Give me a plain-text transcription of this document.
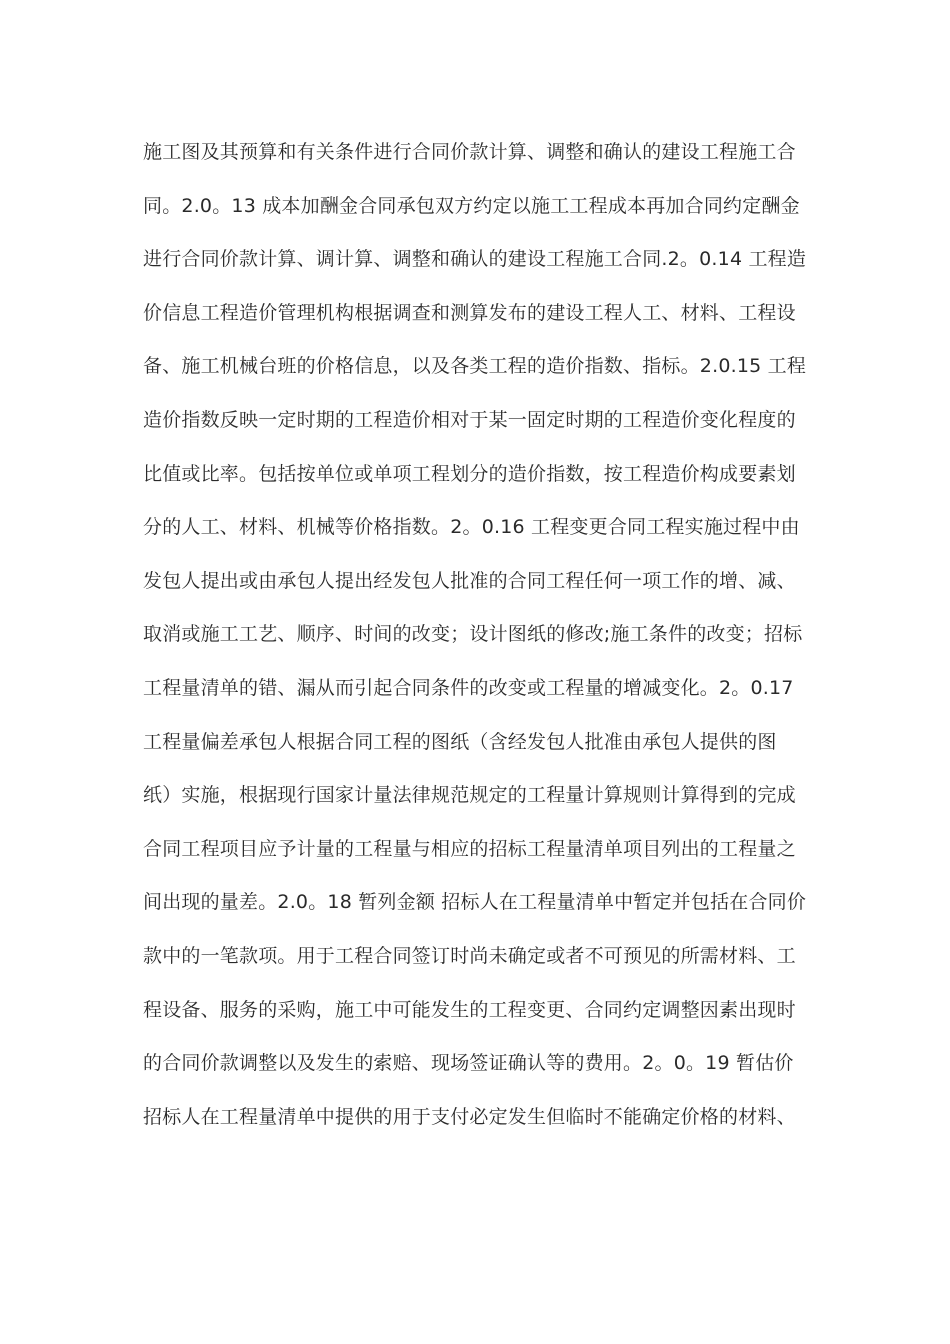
施工图及其预算和有关条件进行合同价款计算、调整和确认的建设工程施工合
同。2.0。13 成本加酬金合同承包双方约定以施工工程成本再加合同约定酬金
进行合同价款计算、调计算、调整和确认的建设工程施工合同.2。0.14 工程造
价信息工程造价管理机构根据调查和测算发布的建设工程人工、材料、工程设
备、施工机械台班的价格信息，以及各类工程的造价指数、指标。2.0.15 工程
造价指数反映一定时期的工程造价相对于某一固定时期的工程造价变化程度的
比值或比率。包括按单位或单项工程划分的造价指数，按工程造价构成要素划
分的人工、材料、机械等价格指数。2。0.16 工程变更合同工程实施过程中由
发包人提出或由承包人提出经发包人批准的合同工程任何一项工作的增、减、
取消或施工工艺、顺序、时间的改变；设计图纸的修改;施工条件的改变；招标
工程量清单的错、漏从而引起合同条件的改变或工程量的增减变化。2。0.17
工程量偏差承包人根据合同工程的图纸（含经发包人批准由承包人提供的图
纸）实施，根据现行国家计量法律规范规定的工程量计算规则计算得到的完成
合同工程项目应予计量的工程量与相应的招标工程量清单项目列出的工程量之
间出现的量差。2.0。18 暂列金额 招标人在工程量清单中暂定并包括在合同价
款中的一笔款项。用于工程合同签订时尚未确定或者不可预见的所需材料、工
程设备、服务的采购，施工中可能发生的工程变更、合同约定调整因素出现时
的合同价款调整以及发生的索赔、现场签证确认等的费用。2。0。19 暂估价
招标人在工程量清单中提供的用于支付必定发生但临时不能确定价格的材料、
